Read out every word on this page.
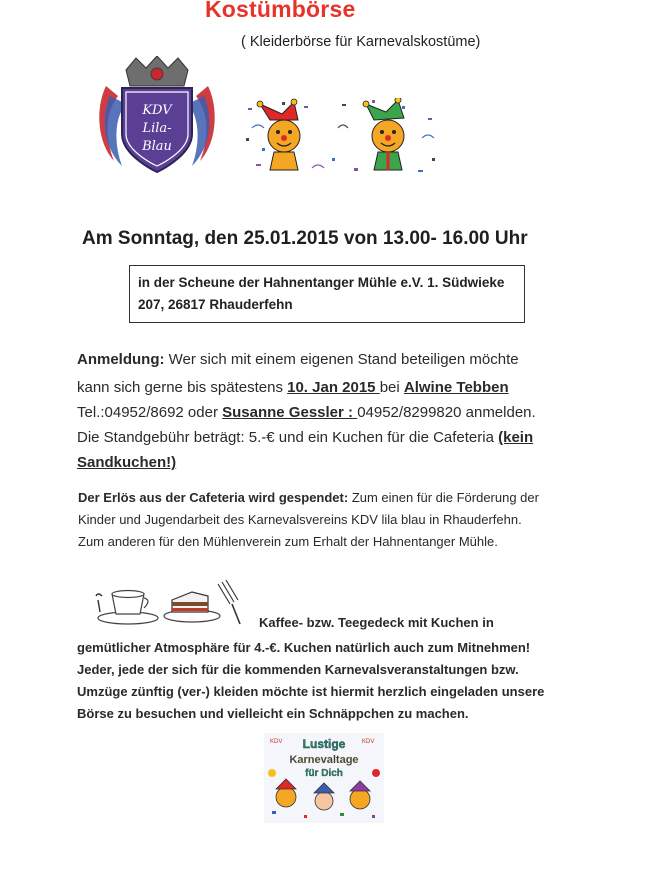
Kostümbörse
( Kleiderbörse für Karnevalskostüme)
KDV
Lila-
Blau
Am Sonntag, den 25.01.2015 von 13.00- 16.00 Uhr
in der Scheune der Hahnentanger Mühle e.V. 1. Südwieke
207, 26817 Rhauderfehn
Anmeldung: Wer sich mit einem eigenen Stand beteiligen möchte
kann sich gerne bis spätestens 10. Jan 2015 bei Alwine Tebben
Tel.:04952/8692 oder Susanne Gessler : 04952/8299820 anmelden.
Die Standgebühr beträgt: 5.-€ und ein Kuchen für die Cafeteria (kein
Sandkuchen!)
Der Erlös aus der Cafeteria wird gespendet: Zum einen für die Förderung der
Kinder und Jugendarbeit des Karnevalsvereins KDV lila blau in Rhauderfehn.
Zum anderen für den Mühlenverein zum Erhalt der Hahnentanger Mühle.
Kaffee- bzw. Teegedeck mit Kuchen in
gemütlicher Atmosphäre für 4.-€. Kuchen natürlich auch zum Mitnehmen!
Jeder, jede der sich für die kommenden Karnevalsveranstaltungen bzw.
Umzüge zünftig (ver-) kleiden möchte ist hiermit herzlich eingeladen unsere
Börse zu besuchen und vielleicht ein Schnäppchen zu machen.
KDV	KDV
Lustige
Karnevaltage
für Dich
